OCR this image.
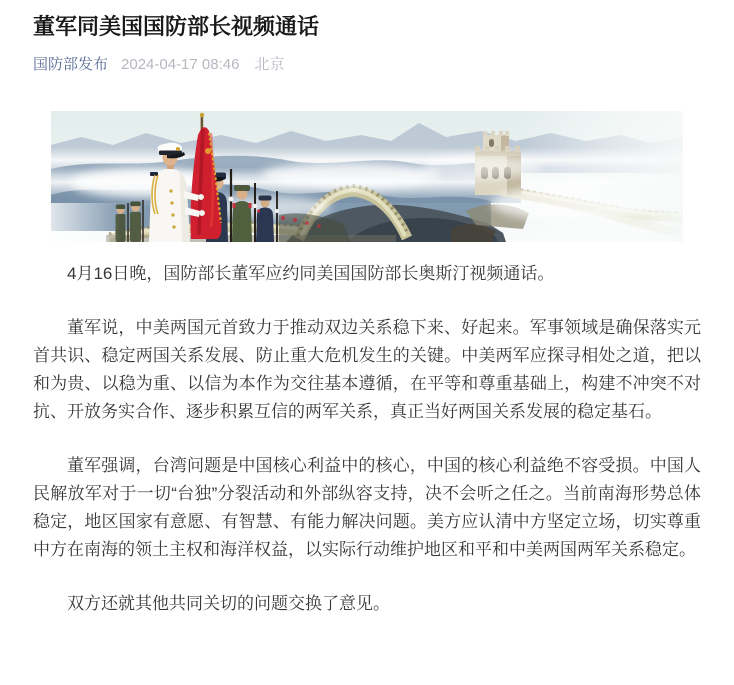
董军同美国国防部长视频通话
国防部发布 2024-04-17 08:46 北京

4月16日晚，国防部长董军应约同美国国防部长奥斯汀视频通话。

董军说，中美两国元首致力于推动双边关系稳下来、好起来。军事领域是确保落实元首共识、稳定两国关系发展、防止重大危机发生的关键。中美两军应探寻相处之道，把以和为贵、以稳为重、以信为本作为交往基本遵循，在平等和尊重基础上，构建不冲突不对抗、开放务实合作、逐步积累互信的两军关系，真正当好两国关系发展的稳定基石。

董军强调，台湾问题是中国核心利益中的核心，中国的核心利益绝不容受损。中国人民解放军对于一切“台独”分裂活动和外部纵容支持，决不会听之任之。当前南海形势总体稳定，地区国家有意愿、有智慧、有能力解决问题。美方应认清中方坚定立场，切实尊重中方在南海的领土主权和海洋权益，以实际行动维护地区和平和中美两国两军关系稳定。

双方还就其他共同关切的问题交换了意见。
